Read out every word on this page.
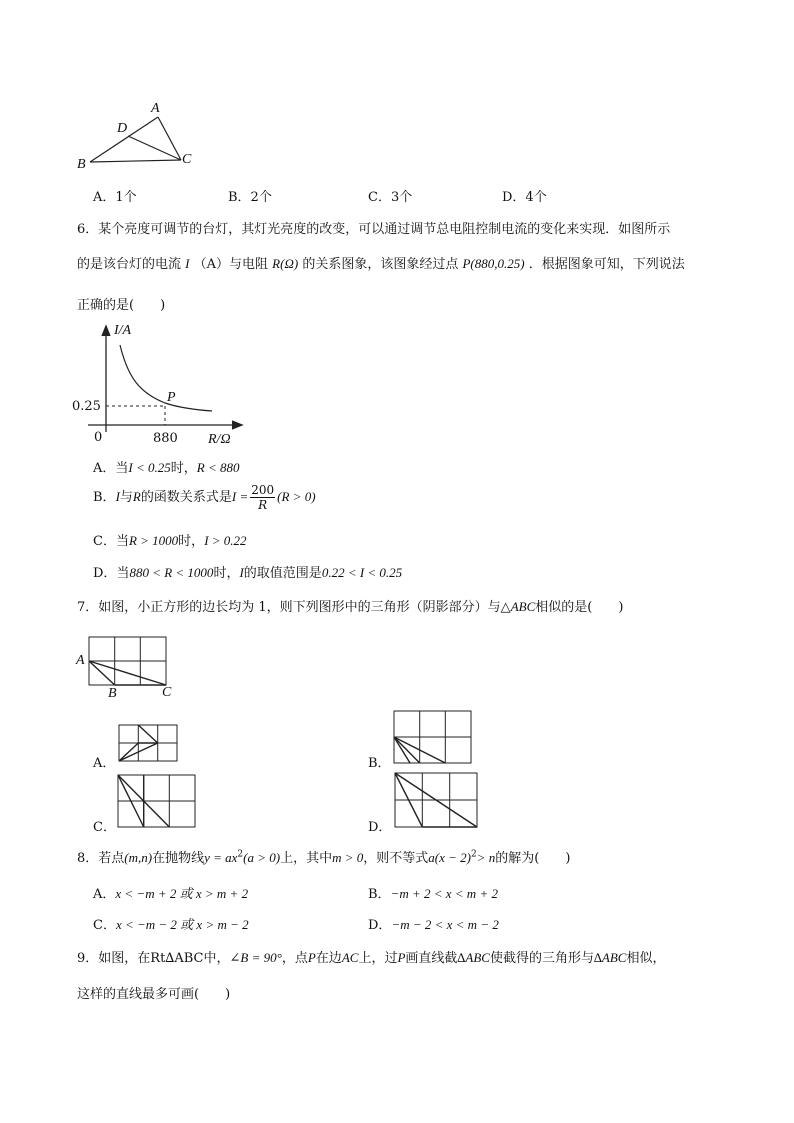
A
D
B	C
A．1个	B．2个	C．3个	D．4个
6．某个亮度可调节的台灯，其灯光亮度的改变，可以通过调节总电阻控制电流的变化来实现．如图所示
的是该台灯的电流 I （A）与电阻 R(Ω) 的关系图象，该图象经过点 P(880,0.25) ．根据图象可知，下列说法
正确的是(　　)
I/A
0.25
0	880
P
R/Ω
A．当I < 0.25时，R < 880
B．I与R的函数关系式是$I = \frac{200}{R} (R > 0)$
C．当R > 1000时，I > 0.22
D．当880 < R < 1000时，I的取值范围是0.22 < I < 0.25
7．如图，小正方形的边长均为 1，则下列图形中的三角形（阴影部分）与△ABC相似的是(　　)
A
B	C
A．	B．
C．	D．
8．若点(m,n)在抛物线$y = ax^2(a > 0)$上，其中m > 0，则不等式$a(x - 2)^2> n$的解为(　　)
A．x < −m + 2 或 x > m + 2	B．−m + 2 < x < m + 2
C．x < −m − 2 或 x > m − 2	D．−m − 2 < x < m − 2
9．如图，在Rt∆ABC中，∠B = 90°，点P在边AC上，过P画直线截∆ABC使截得的三角形与∆ABC相似，
这样的直线最多可画(　　)
